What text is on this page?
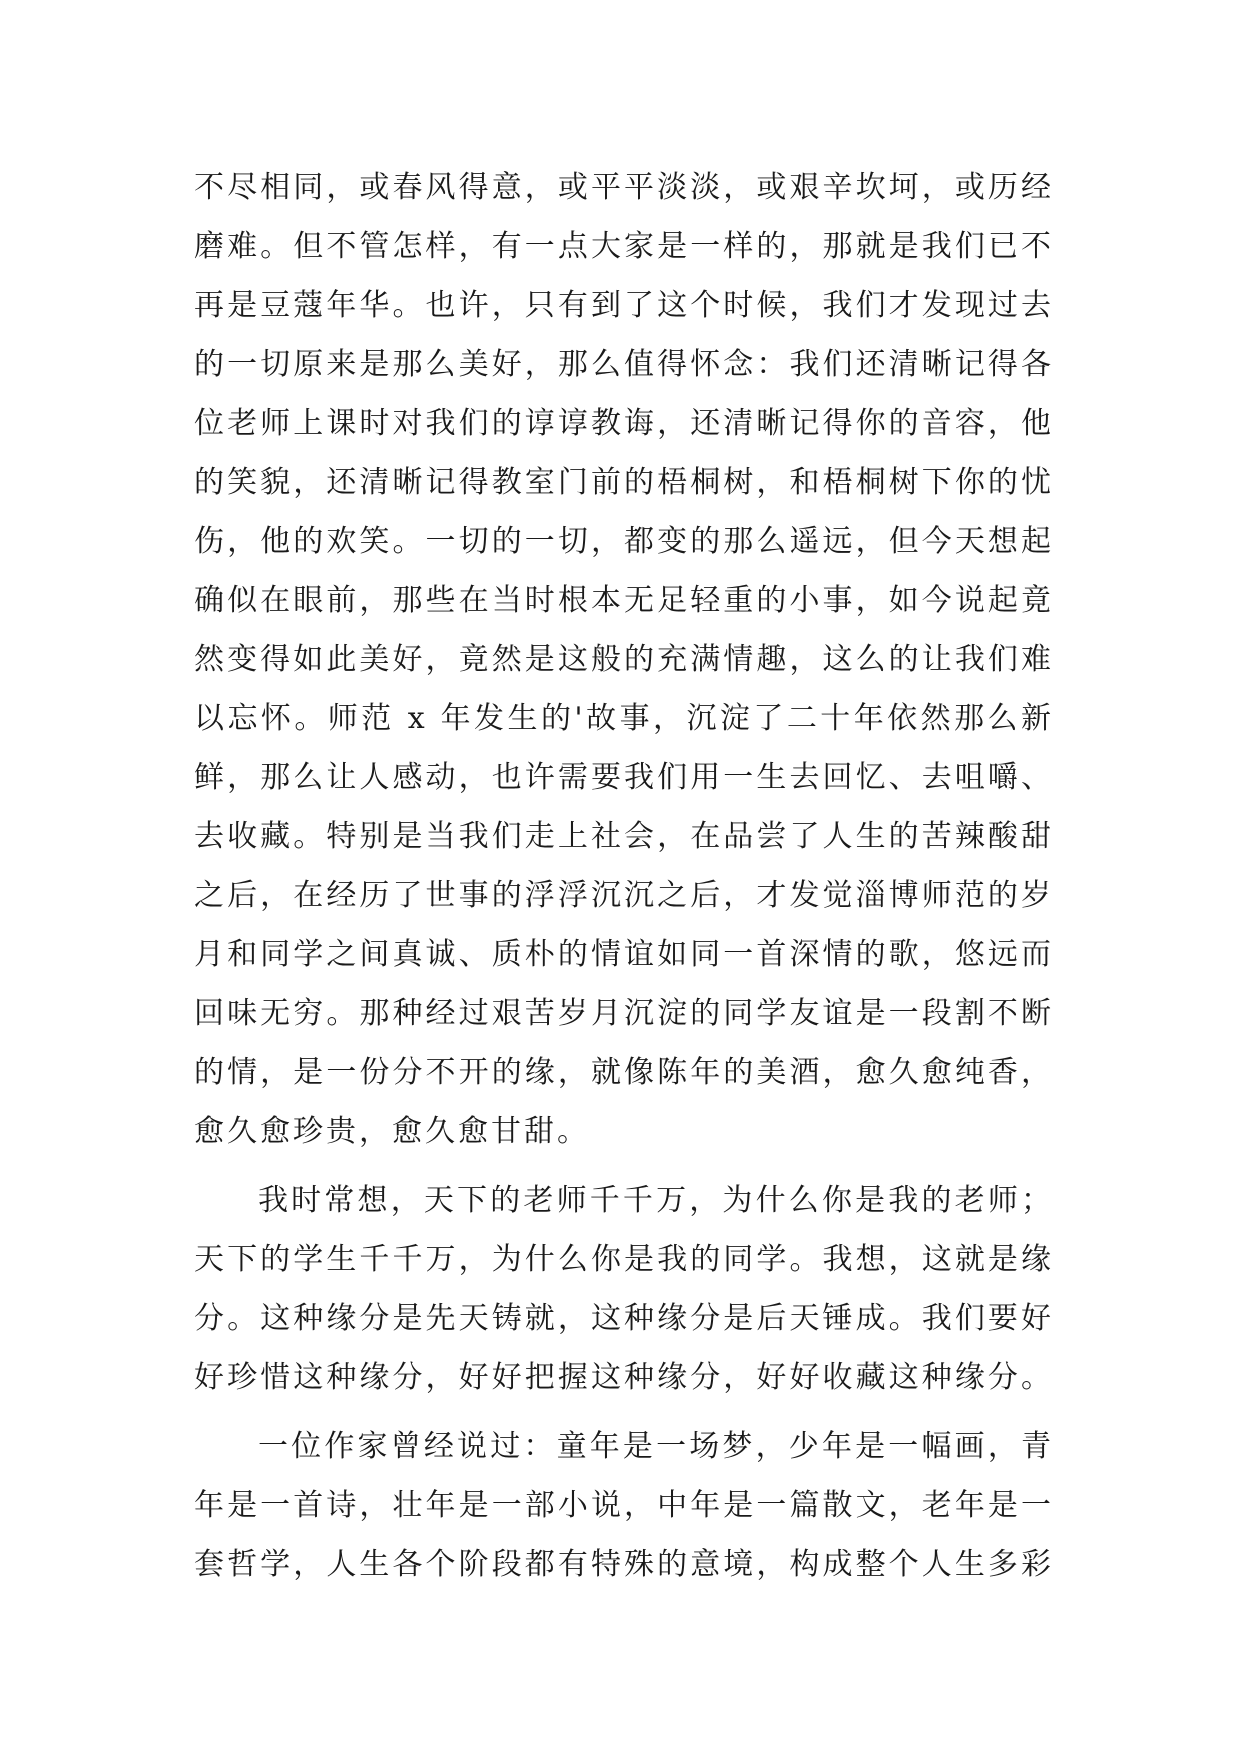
不尽相同，或春风得意，或平平淡淡，或艰辛坎坷，或历经
磨难。但不管怎样，有一点大家是一样的，那就是我们已不
再是豆蔻年华。也许，只有到了这个时候，我们才发现过去
的一切原来是那么美好，那么值得怀念：我们还清晰记得各
位老师上课时对我们的谆谆教诲，还清晰记得你的音容，他
的笑貌，还清晰记得教室门前的梧桐树，和梧桐树下你的忧
伤，他的欢笑。一切的一切，都变的那么遥远，但今天想起
确似在眼前，那些在当时根本无足轻重的小事，如今说起竟
然变得如此美好，竟然是这般的充满情趣，这么的让我们难
以忘怀。师范 x 年发生的'故事，沉淀了二十年依然那么新
鲜，那么让人感动，也许需要我们用一生去回忆、去咀嚼、
去收藏。特别是当我们走上社会，在品尝了人生的苦辣酸甜
之后，在经历了世事的浮浮沉沉之后，才发觉淄博师范的岁
月和同学之间真诚、质朴的情谊如同一首深情的歌，悠远而
回味无穷。那种经过艰苦岁月沉淀的同学友谊是一段割不断
的情，是一份分不开的缘，就像陈年的美酒，愈久愈纯香，
愈久愈珍贵，愈久愈甘甜。
我时常想，天下的老师千千万，为什么你是我的老师；
天下的学生千千万，为什么你是我的同学。我想，这就是缘
分。这种缘分是先天铸就，这种缘分是后天锤成。我们要好
好珍惜这种缘分，好好把握这种缘分，好好收藏这种缘分。
一位作家曾经说过：童年是一场梦，少年是一幅画，青
年是一首诗，壮年是一部小说，中年是一篇散文，老年是一
套哲学，人生各个阶段都有特殊的意境，构成整个人生多彩
